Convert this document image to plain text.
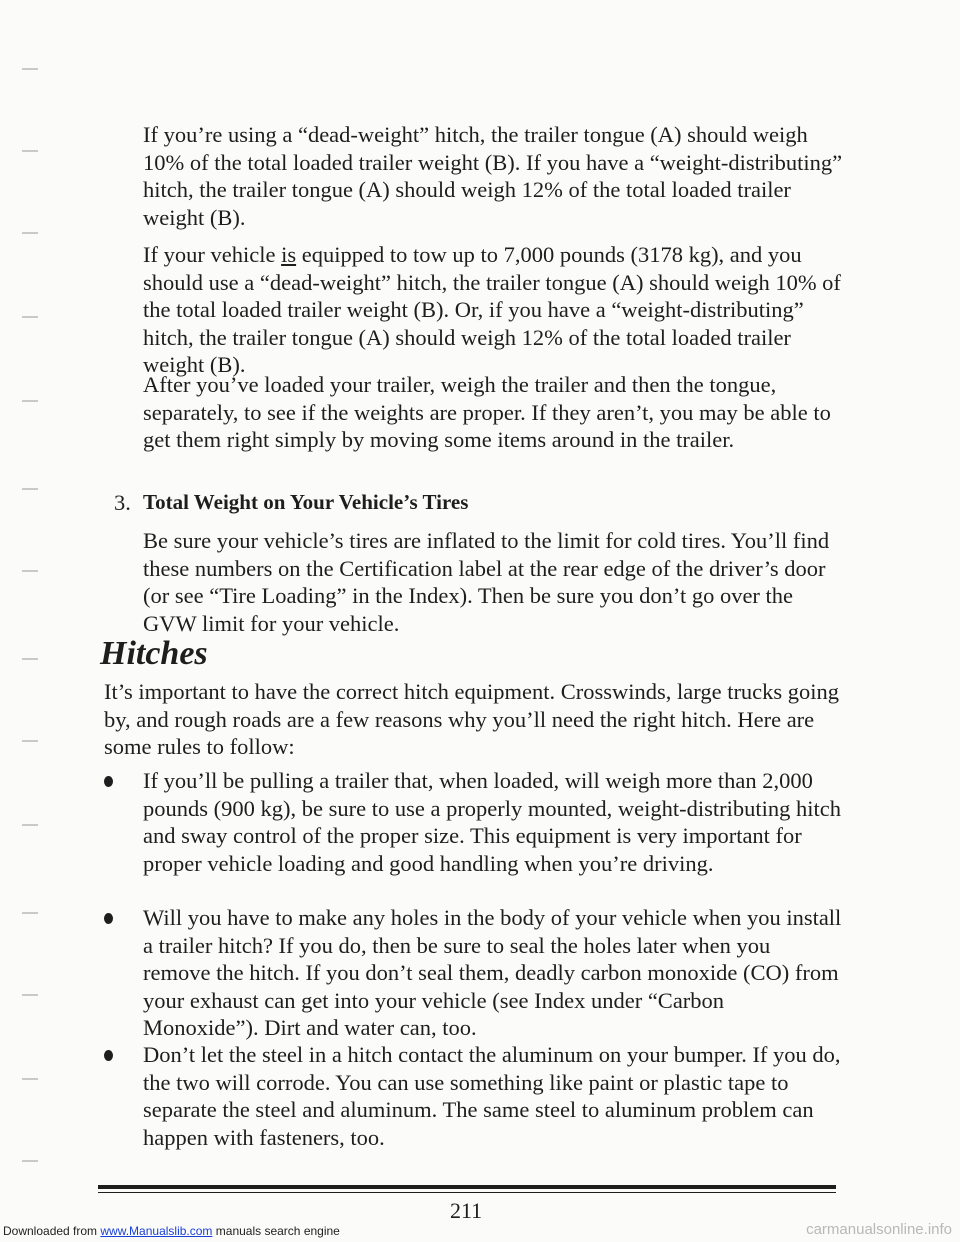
If you’re using a “dead-weight” hitch, the trailer tongue (A) should weigh 10% of the total loaded trailer weight (B). If you have a “weight-distributing” hitch, the trailer tongue (A) should weigh 12% of the total loaded trailer weight (B).

If your vehicle is equipped to tow up to 7,000 pounds (3178 kg), and you should use a “dead-weight” hitch, the trailer tongue (A) should weigh 10% of the total loaded trailer weight (B). Or, if you have a “weight-distributing” hitch, the trailer tongue (A) should weigh 12% of the total loaded trailer weight (B).

After you’ve loaded your trailer, weigh the trailer and then the tongue, separately, to see if the weights are proper. If they aren’t, you may be able to get them right simply by moving some items around in the trailer.

3. Total Weight on Your Vehicle’s Tires

Be sure your vehicle’s tires are inflated to the limit for cold tires. You’ll find these numbers on the Certification label at the rear edge of the driver’s door (or see “Tire Loading” in the Index). Then be sure you don’t go over the GVW limit for your vehicle.

Hitches

It’s important to have the correct hitch equipment. Crosswinds, large trucks going by, and rough roads are a few reasons why you’ll need the right hitch. Here are some rules to follow:

If you’ll be pulling a trailer that, when loaded, will weigh more than 2,000 pounds (900 kg), be sure to use a properly mounted, weight-distributing hitch and sway control of the proper size. This equipment is very important for proper vehicle loading and good handling when you’re driving.

Will you have to make any holes in the body of your vehicle when you install a trailer hitch? If you do, then be sure to seal the holes later when you remove the hitch. If you don’t seal them, deadly carbon monoxide (CO) from your exhaust can get into your vehicle (see Index under “Carbon Monoxide”). Dirt and water can, too.

Don’t let the steel in a hitch contact the aluminum on your bumper. If you do, the two will corrode. You can use something like paint or plastic tape to separate the steel and aluminum. The same steel to aluminum problem can happen with fasteners, too.

211
Downloaded from www.Manualslib.com manuals search engine	carmanualsonline.info
